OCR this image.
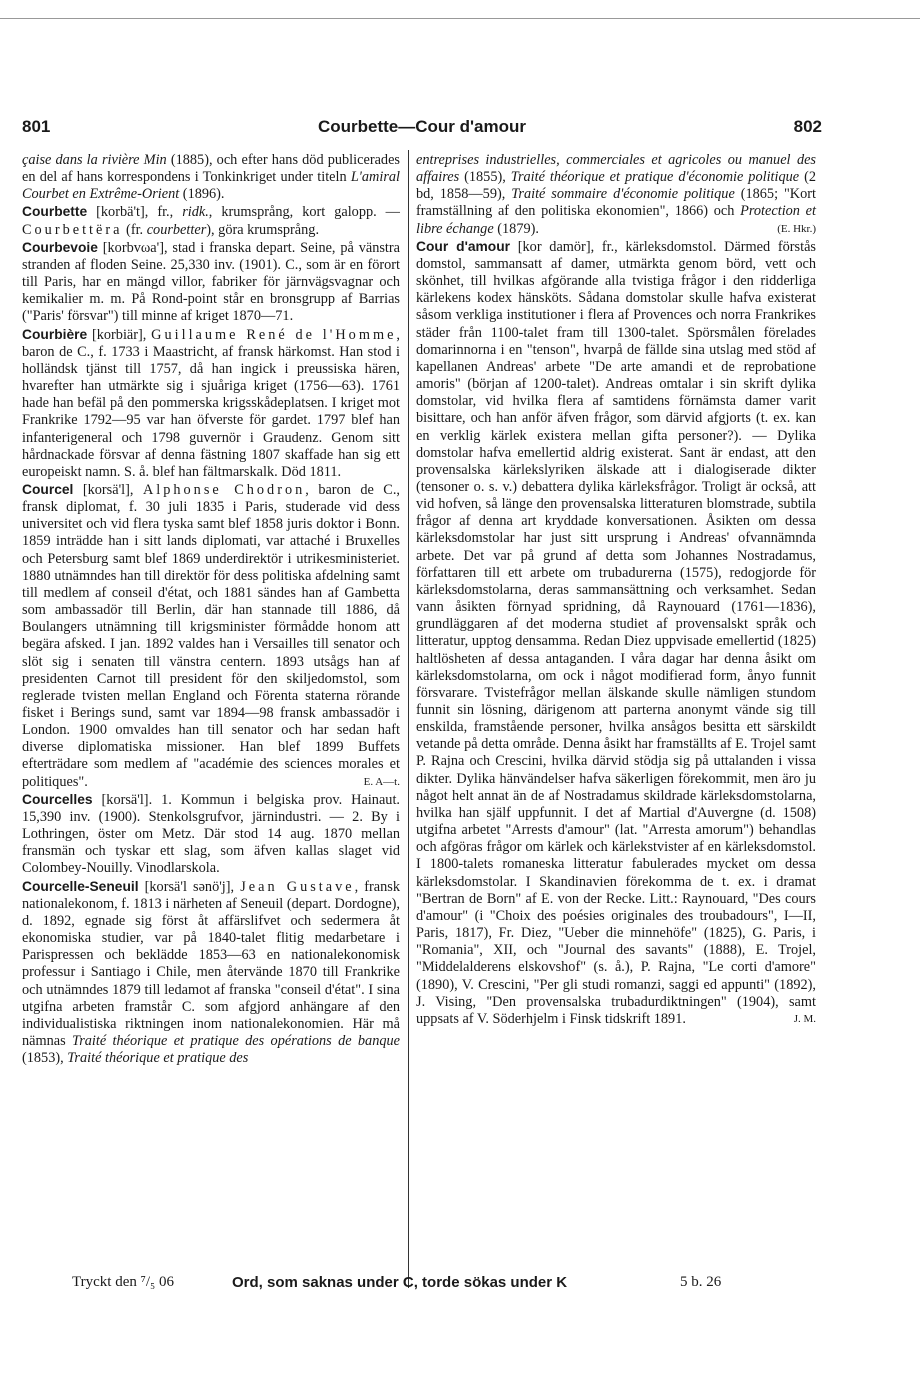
801	Courbette—Cour d'amour	802

çaise dans la rivière Min (1885), och efter hans död publicerades en del af hans korrespondens i Tonkinkriget under titeln L'amiral Courbet en Extrême-Orient (1896).

Courbette [korbä't], fr., ridk., krumsprång, kort galopp. — Courbettëra (fr. courbetter), göra krumsprång.

Courbevoie [korbvωa'], stad i franska depart. Seine, på vänstra stranden af floden Seine. 25,330 inv. (1901). C., som är en förort till Paris, har en mängd villor, fabriker för järnvägsvagnar och kemikalier m. m. På Rond-point står en bronsgrupp af Barrias ("Paris' försvar") till minne af kriget 1870—71.

Courbière [korbiär], Guillaume René de l'Homme, baron de C., f. 1733 i Maastricht, af fransk härkomst. Han stod i holländsk tjänst till 1757, då han ingick i preussiska hären, hvarefter han utmärkte sig i sjuåriga kriget (1756—63). 1761 hade han befäl på den pommerska krigsskådeplatsen. I kriget mot Frankrike 1792—95 var han öfverste för gardet. 1797 blef han infanterigeneral och 1798 guvernör i Graudenz. Genom sitt hårdnackade försvar af denna fästning 1807 skaffade han sig ett europeiskt namn. S. å. blef han fältmarskalk. Död 1811.

Courcel [korsä'l], Alphonse Chodron, baron de C., fransk diplomat, f. 30 juli 1835 i Paris, studerade vid dess universitet och vid flera tyska samt blef 1858 juris doktor i Bonn. 1859 inträdde han i sitt lands diplomati, var attaché i Bruxelles och Petersburg samt blef 1869 underdirektör i utrikesministeriet. 1880 utnämndes han till direktör för dess politiska afdelning samt till medlem af conseil d'état, och 1881 sändes han af Gambetta som ambassadör till Berlin, där han stannade till 1886, då Boulangers utnämning till krigsminister förmådde honom att begära afsked. I jan. 1892 valdes han i Versailles till senator och slöt sig i senaten till vänstra centern. 1893 utsågs han af presidenten Carnot till president för den skiljedomstol, som reglerade tvisten mellan England och Förenta staterna rörande fisket i Berings sund, samt var 1894—98 fransk ambassadör i London. 1900 omvaldes han till senator och har sedan haft diverse diplomatiska missioner. Han blef 1899 Buffets efterträdare som medlem af "académie des sciences morales et politiques".	E. A—t.

Courcelles [korsä'l]. 1. Kommun i belgiska prov. Hainaut. 15,390 inv. (1900). Stenkolsgrufvor, järnindustri. — 2. By i Lothringen, öster om Metz. Där stod 14 aug. 1870 mellan fransmän och tyskar ett slag, som äfven kallas slaget vid Colombey-Nouilly. Vinodlarskola.

Courcelle-Seneuil [korsä'l sənö'j], Jean Gustave, fransk nationalekonom, f. 1813 i närheten af Seneuil (depart. Dordogne), d. 1892, egnade sig först åt affärslifvet och sedermera åt ekonomiska studier, var på 1840-talet flitig medarbetare i Parispressen och beklädde 1853—63 en nationalekonomisk professur i Santiago i Chile, men återvände 1870 till Frankrike och utnämndes 1879 till ledamot af franska "conseil d'état". I sina utgifna arbeten framstår C. som afgjord anhängare af den individualistiska riktningen inom nationalekonomien. Här må nämnas Traité théorique et pratique des opérations de banque (1853), Traité théorique et pratique des

entreprises industrielles, commerciales et agricoles ou manuel des affaires (1855), Traité théorique et pratique d'économie politique (2 bd, 1858—59), Traité sommaire d'économie politique (1865; "Kort framställning af den politiska ekonomien", 1866) och Protection et libre échange (1879).	(E. Hkr.)

Cour d'amour [kor damör], fr., kärleksdomstol. Därmed förstås domstol, sammansatt af damer, utmärkta genom börd, vett och skönhet, till hvilkas afgörande alla tvistiga frågor i den ridderliga kärlekens kodex hänsköts. Sådana domstolar skulle hafva existerat såsom verkliga institutioner i flera af Provences och norra Frankrikes städer från 1100-talet fram till 1300-talet. Spörsmålen förelades domarinnorna i en "tenson", hvarpå de fällde sina utslag med stöd af kapellanen Andreas' arbete "De arte amandi et de reprobatione amoris" (början af 1200-talet). Andreas omtalar i sin skrift dylika domstolar, vid hvilka flera af samtidens förnämsta damer varit bisittare, och han anför äfven frågor, som därvid afgjorts (t. ex. kan en verklig kärlek existera mellan gifta personer?). — Dylika domstolar hafva emellertid aldrig existerat. Sant är endast, att den provensalska kärlekslyriken älskade att i dialogiserade dikter (tensoner o. s. v.) debattera dylika kärleksfrågor. Troligt är också, att vid hofven, så länge den provensalska litteraturen blomstrade, subtila frågor af denna art kryddade konversationen. Åsikten om dessa kärleksdomstolar har just sitt ursprung i Andreas' ofvannämnda arbete. Det var på grund af detta som Johannes Nostradamus, författaren till ett arbete om trubadurerna (1575), redogjorde för kärleksdomstolarna, deras sammansättning och verksamhet. Sedan vann åsikten förnyad spridning, då Raynouard (1761—1836), grundläggaren af det moderna studiet af provensalskt språk och litteratur, upptog densamma. Redan Diez uppvisade emellertid (1825) haltlösheten af dessa antaganden. I våra dagar har denna åsikt om kärleksdomstolarna, om ock i något modifierad form, ånyo funnit försvarare. Tvistefrågor mellan älskande skulle nämligen stundom funnit sin lösning, därigenom att parterna anonymt vände sig till enskilda, framstående personer, hvilka ansågos besitta ett särskildt vetande på detta område. Denna åsikt har framställts af E. Trojel samt P. Rajna och Crescini, hvilka därvid stödja sig på uttalanden i vissa dikter. Dylika hänvändelser hafva säkerligen förekommit, men äro ju något helt annat än de af Nostradamus skildrade kärleksdomstolarna, hvilka han själf uppfunnit. I det af Martial d'Auvergne (d. 1508) utgifna arbetet "Arrests d'amour" (lat. "Arresta amorum") behandlas och afgöras frågor om kärlek och kärlekstvister af en kärleksdomstol. I 1800-talets romaneska litteratur fabulerades mycket om dessa kärleksdomstolar. I Skandinavien förekomma de t. ex. i dramat "Bertran de Born" af E. von der Recke. Litt.: Raynouard, "Des cours d'amour" (i "Choix des poésies originales des troubadours", I—II, Paris, 1817), Fr. Diez, "Ueber die minnehöfe" (1825), G. Paris, i "Romania", XII, och "Journal des savants" (1888), E. Trojel, "Middelalderens elskovshof" (s. å.), P. Rajna, "Le corti d'amore" (1890), V. Crescini, "Per gli studi romanzi, saggi ed appunti" (1892), J. Vising, "Den provensalska trubadurdiktningen" (1904), samt uppsats af V. Söderhjelm i Finsk tidskrift 1891.	J. M.

Tryckt den ⁷/₅ 06	Ord, som saknas under C, torde sökas under K	5 b. 26
